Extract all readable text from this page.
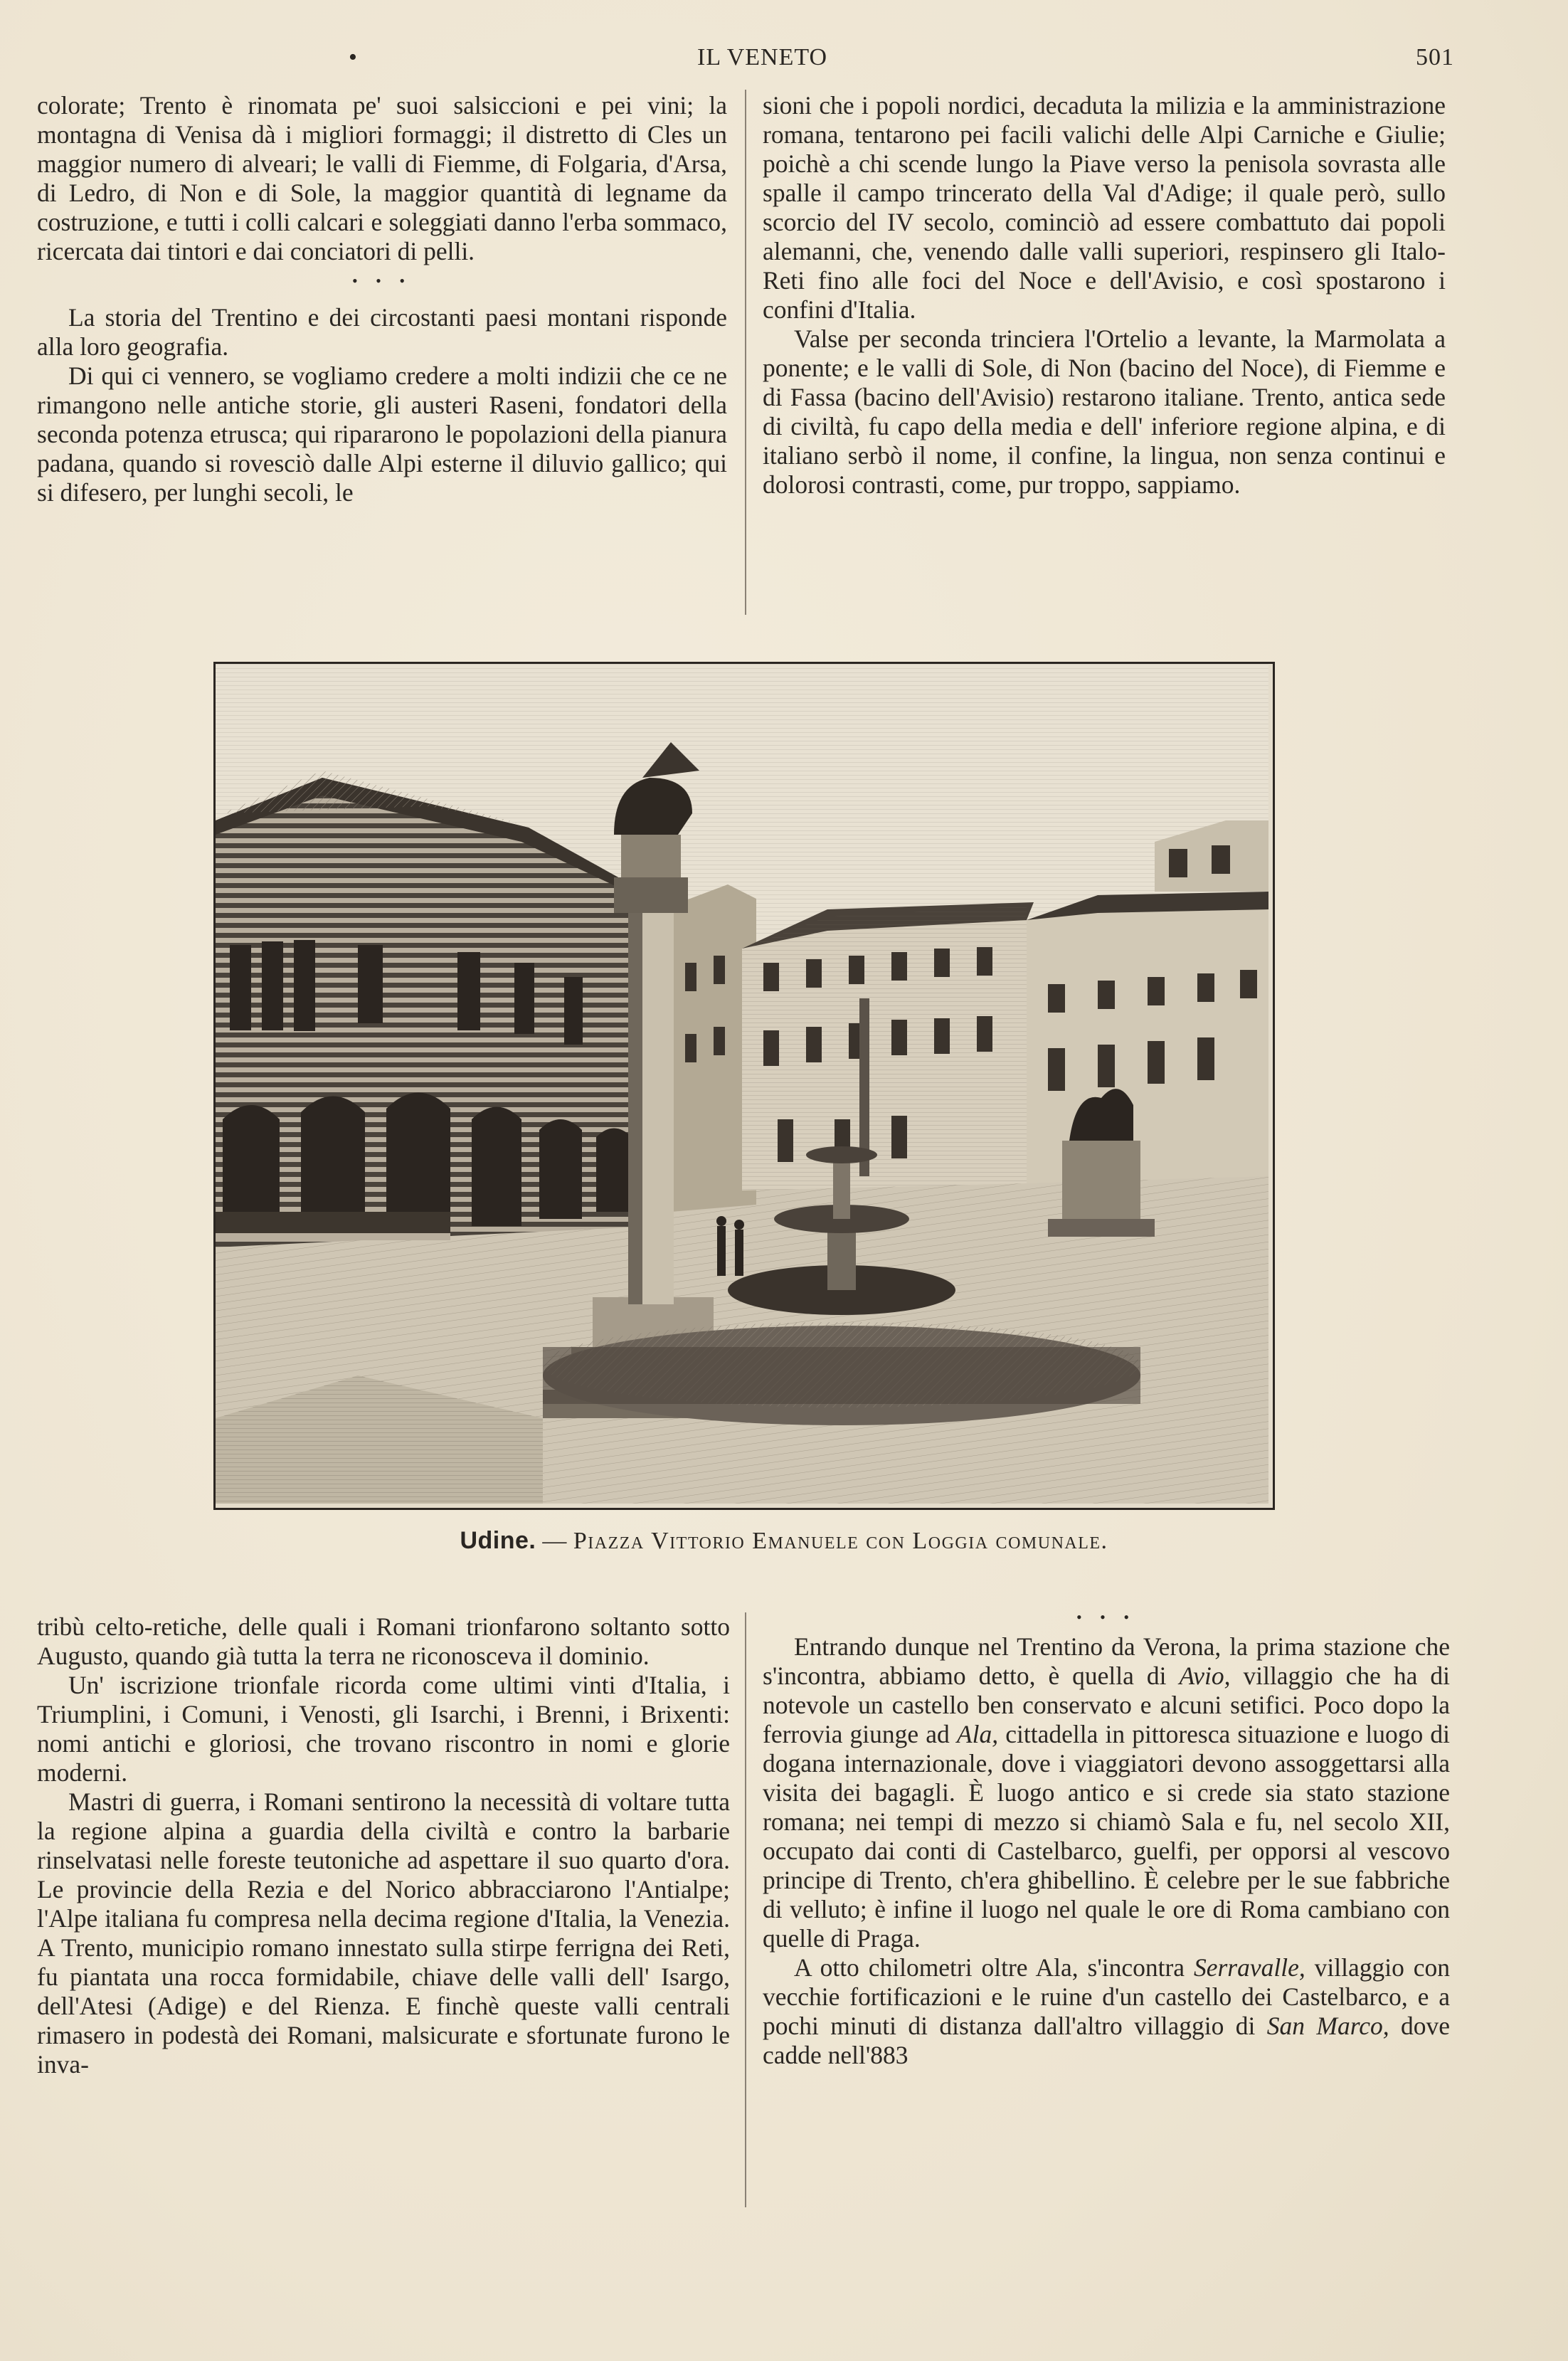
•	IL VENETO	501

colorate; Trento è rinomata pe' suoi salsiccioni e pei vini; la montagna di Venisa dà i migliori formaggi; il distretto di Cles un maggior numero di alveari; le valli di Fiemme, di Folgaria, d'Arsa, di Ledro, di Non e di Sole, la maggior quantità di legname da costruzione, e tutti i colli calcari e soleggiati danno l'erba sommaco, ricercata dai tintori e dai conciatori di pelli.

• • •

La storia del Trentino e dei circostanti paesi montani risponde alla loro geografia.

Di qui ci vennero, se vogliamo credere a molti indizii che ce ne rimangono nelle antiche storie, gli austeri Raseni, fondatori della seconda potenza etrusca; qui ripararono le popolazioni della pianura padana, quando si rovesciò dalle Alpi esterne il diluvio gallico; qui si difesero, per lunghi secoli, le

sioni che i popoli nordici, decaduta la milizia e la amministrazione romana, tentarono pei facili valichi delle Alpi Carniche e Giulie; poichè a chi scende lungo la Piave verso la penisola sovrasta alle spalle il campo trincerato della Val d'Adige; il quale però, sullo scorcio del IV secolo, cominciò ad essere combattuto dai popoli alemanni, che, venendo dalle valli superiori, respinsero gli Italo-Reti fino alle foci del Noce e dell'Avisio, e così spostarono i confini d'Italia.

Valse per seconda trinciera l'Ortelio a levante, la Marmolata a ponente; e le valli di Sole, di Non (bacino del Noce), di Fiemme e di Fassa (bacino dell'Avisio) restarono italiane. Trento, antica sede di civiltà, fu capo della media e dell' inferiore regione alpina, e di italiano serbò il nome, il confine, la lingua, non senza continui e dolorosi contrasti, come, pur troppo, sappiamo.

Udine. — Piazza Vittorio Emanuele con Loggia comunale.

tribù celto-retiche, delle quali i Romani trionfarono soltanto sotto Augusto, quando già tutta la terra ne riconosceva il dominio.

Un' iscrizione trionfale ricorda come ultimi vinti d'Italia, i Triumplini, i Comuni, i Venosti, gli Isarchi, i Brenni, i Brixenti: nomi antichi e gloriosi, che trovano riscontro in nomi e glorie moderni.

Mastri di guerra, i Romani sentirono la necessità di voltare tutta la regione alpina a guardia della civiltà e contro la barbarie rinselvatasi nelle foreste teutoniche ad aspettare il suo quarto d'ora. Le provincie della Rezia e del Norico abbracciarono l'Antialpe; l'Alpe italiana fu compresa nella decima regione d'Italia, la Venezia. A Trento, municipio romano innestato sulla stirpe ferrigna dei Reti, fu piantata una rocca formidabile, chiave delle valli dell' Isargo, dell'Atesi (Adige) e del Rienza. E finchè queste valli centrali rimasero in podestà dei Romani, malsicurate e sfortunate furono le inva-

• • •

Entrando dunque nel Trentino da Verona, la prima stazione che s'incontra, abbiamo detto, è quella di Avio, villaggio che ha di notevole un castello ben conservato e alcuni setifici. Poco dopo la ferrovia giunge ad Ala, cittadella in pittoresca situazione e luogo di dogana internazionale, dove i viaggiatori devono assoggettarsi alla visita dei bagagli. È luogo antico e si crede sia stato stazione romana; nei tempi di mezzo si chiamò Sala e fu, nel secolo XII, occupato dai conti di Castelbarco, guelfi, per opporsi al vescovo principe di Trento, ch'era ghibellino. È celebre per le sue fabbriche di velluto; è infine il luogo nel quale le ore di Roma cambiano con quelle di Praga.

A otto chilometri oltre Ala, s'incontra Serravalle, villaggio con vecchie fortificazioni e le ruine d'un castello dei Castelbarco, e a pochi minuti di distanza dall'altro villaggio di San Marco, dove cadde nell'883
